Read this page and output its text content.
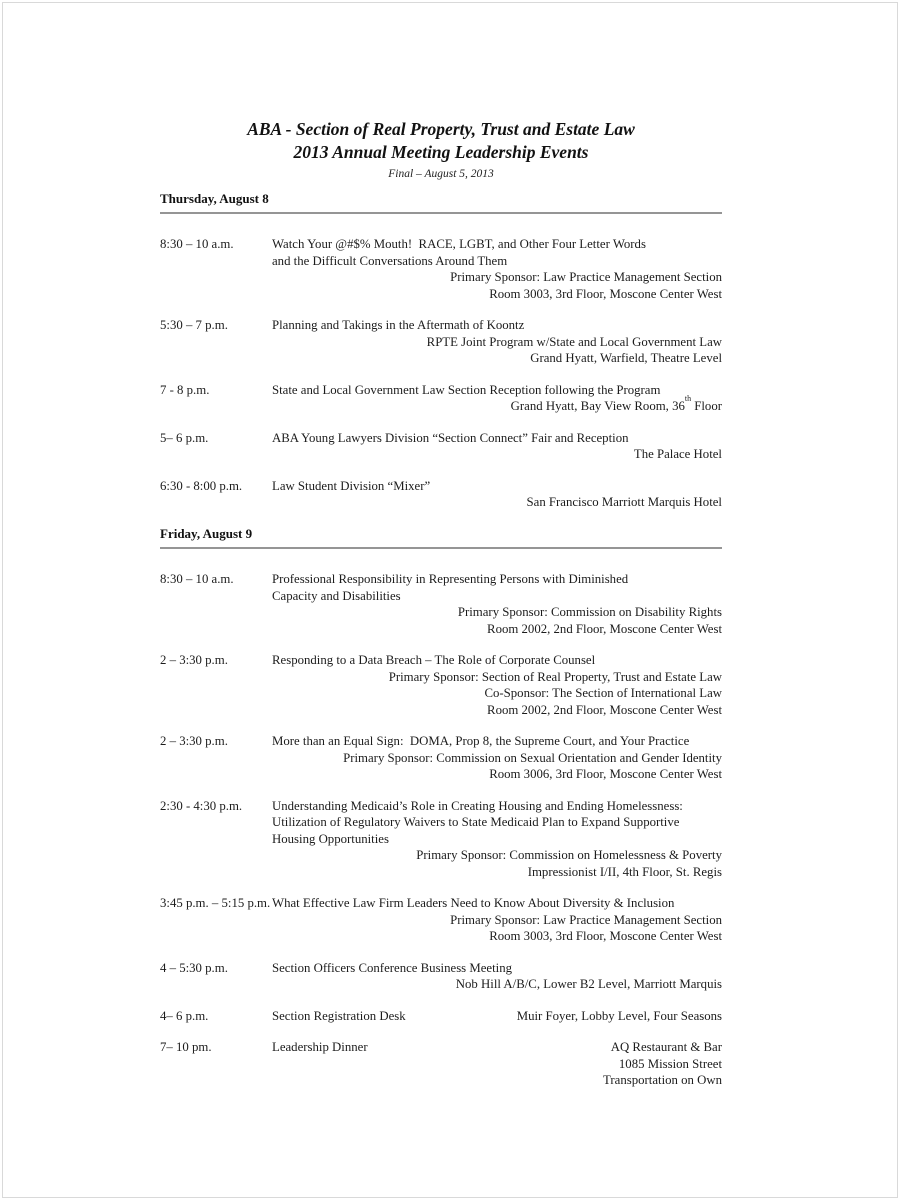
ABA - Section of Real Property, Trust and Estate Law
2013 Annual Meeting Leadership Events
Final – August 5, 2013
Thursday, August 8
8:30 – 10 a.m.	Watch Your @#$% Mouth!  RACE, LGBT, and Other Four Letter Words
and the Difficult Conversations Around Them
Primary Sponsor: Law Practice Management Section
Room 3003, 3rd Floor, Moscone Center West
5:30 – 7 p.m.	Planning and Takings in the Aftermath of Koontz
RPTE Joint Program w/State and Local Government Law
Grand Hyatt, Warfield, Theatre Level
7 - 8 p.m.	State and Local Government Law Section Reception following the Program
Grand Hyatt, Bay View Room, 36th Floor
5– 6 p.m.	ABA Young Lawyers Division “Section Connect” Fair and Reception
The Palace Hotel
6:30 - 8:00 p.m.	Law Student Division “Mixer”
San Francisco Marriott Marquis Hotel
Friday, August 9
8:30 – 10 a.m.	Professional Responsibility in Representing Persons with Diminished
Capacity and Disabilities
Primary Sponsor: Commission on Disability Rights
Room 2002, 2nd Floor, Moscone Center West
2 – 3:30 p.m.	Responding to a Data Breach – The Role of Corporate Counsel
Primary Sponsor: Section of Real Property, Trust and Estate Law
Co-Sponsor: The Section of International Law
Room 2002, 2nd Floor, Moscone Center West
2 – 3:30 p.m.	More than an Equal Sign:  DOMA, Prop 8, the Supreme Court, and Your Practice
Primary Sponsor: Commission on Sexual Orientation and Gender Identity
Room 3006, 3rd Floor, Moscone Center West
2:30 - 4:30 p.m.	Understanding Medicaid’s Role in Creating Housing and Ending Homelessness:
Utilization of Regulatory Waivers to State Medicaid Plan to Expand Supportive
Housing Opportunities
Primary Sponsor: Commission on Homelessness & Poverty
Impressionist I/II, 4th Floor, St. Regis
3:45 p.m. – 5:15 p.m. What Effective Law Firm Leaders Need to Know About Diversity & Inclusion
Primary Sponsor: Law Practice Management Section
Room 3003, 3rd Floor, Moscone Center West
4 – 5:30 p.m.	Section Officers Conference Business Meeting
Nob Hill A/B/C, Lower B2 Level, Marriott Marquis
4– 6 p.m.	Section Registration Desk	Muir Foyer, Lobby Level, Four Seasons
7– 10 pm.	Leadership Dinner	AQ Restaurant & Bar
1085 Mission Street
Transportation on Own
